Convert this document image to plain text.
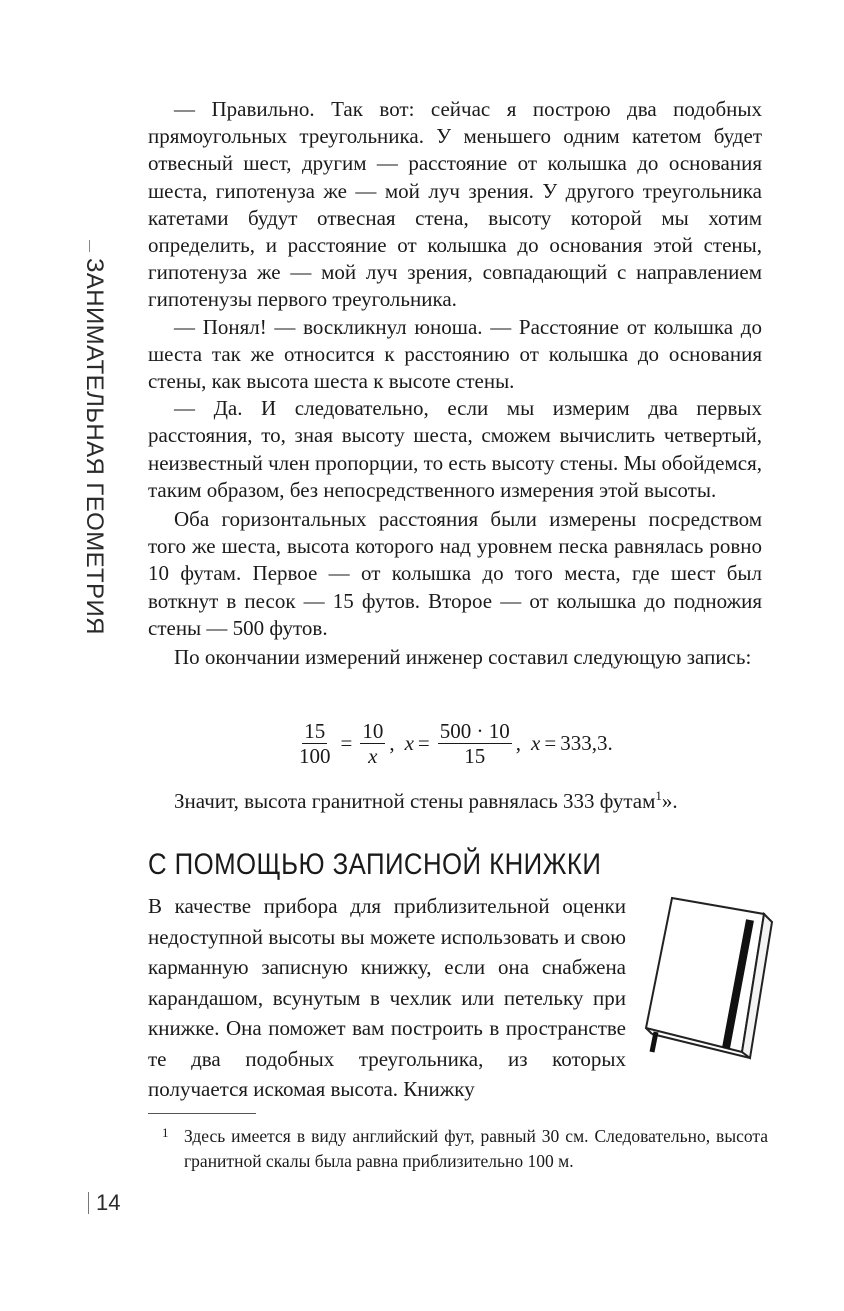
ЗАНИМАТЕЛЬНАЯ ГЕОМЕТРИЯ

— Правильно. Так вот: сейчас я построю два подобных прямоугольных треугольника. У меньшего одним катетом будет отвесный шест, другим — расстояние от колышка до основания шеста, гипотенуза же — мой луч зрения. У другого треугольника катетами будут отвесная стена, высоту которой мы хотим определить, и расстояние от колышка до основания этой стены, гипотенуза же — мой луч зрения, совпадающий с направлением гипотенузы первого треугольника.

— Понял! — воскликнул юноша. — Расстояние от колышка до шеста так же относится к расстоянию от колышка до основания стены, как высота шеста к высоте стены.

— Да. И следовательно, если мы измерим два первых расстояния, то, зная высоту шеста, сможем вычислить четвертый, неизвестный член пропорции, то есть высоту стены. Мы обойдемся, таким образом, без непосредственного измерения этой высоты.

Оба горизонтальных расстояния были измерены посредством того же шеста, высота которого над уровнем песка равнялась ровно 10 футам. Первое — от колышка до того места, где шест был воткнут в песок — 15 футов. Второе — от колышка до подножия стены — 500 футов.

По окончании измерений инженер составил следующую запись:

$\frac{15}{100} = \frac{10}{x}$ , $x = \frac{500 \cdot 10}{15}$ , x = 333,3.

Значит, высота гранитной стены равнялась 333 футам$^1$».

С ПОМОЩЬЮ ЗАПИСНОЙ КНИЖКИ

В качестве прибора для приблизительной оценки недоступной высоты вы можете использовать и свою карманную записную книжку, если она снабжена карандашом, всунутым в чехлик или петельку при книжке. Она поможет вам построить в пространстве те два подобных треугольника, из которых получается искомая высота. Книжку

1 Здесь имеется в виду английский фут, равный 30 см. Следовательно, высота гранитной скалы была равна приблизительно 100 м.
14
